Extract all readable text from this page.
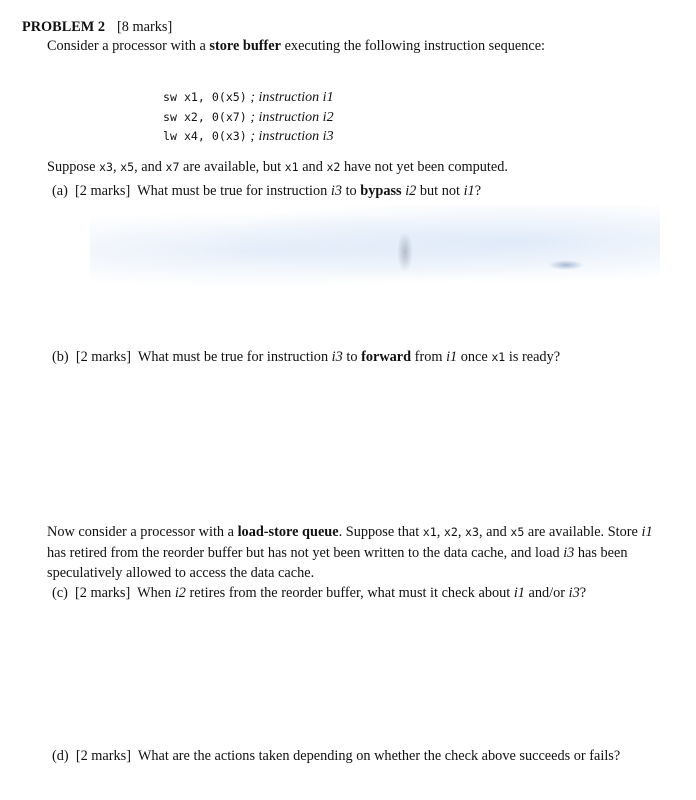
PROBLEM 2 [8 marks]
Consider a processor with a store buffer executing the following instruction sequence:
sw x1, 0(x5) ; instruction i1
sw x2, 0(x7) ; instruction i2
lw x4, 0(x3) ; instruction i3
Suppose x3, x5, and x7 are available, but x1 and x2 have not yet been computed.
(a) [2 marks] What must be true for instruction i3 to bypass i2 but not i1?
(b) [2 marks] What must be true for instruction i3 to forward from i1 once x1 is ready?
Now consider a processor with a load-store queue. Suppose that x1, x2, x3, and x5 are available. Store i1 has retired from the reorder buffer but has not yet been written to the data cache, and load i3 has been speculatively allowed to access the data cache.
(c) [2 marks] When i2 retires from the reorder buffer, what must it check about i1 and/or i3?
(d) [2 marks] What are the actions taken depending on whether the check above succeeds or fails?
